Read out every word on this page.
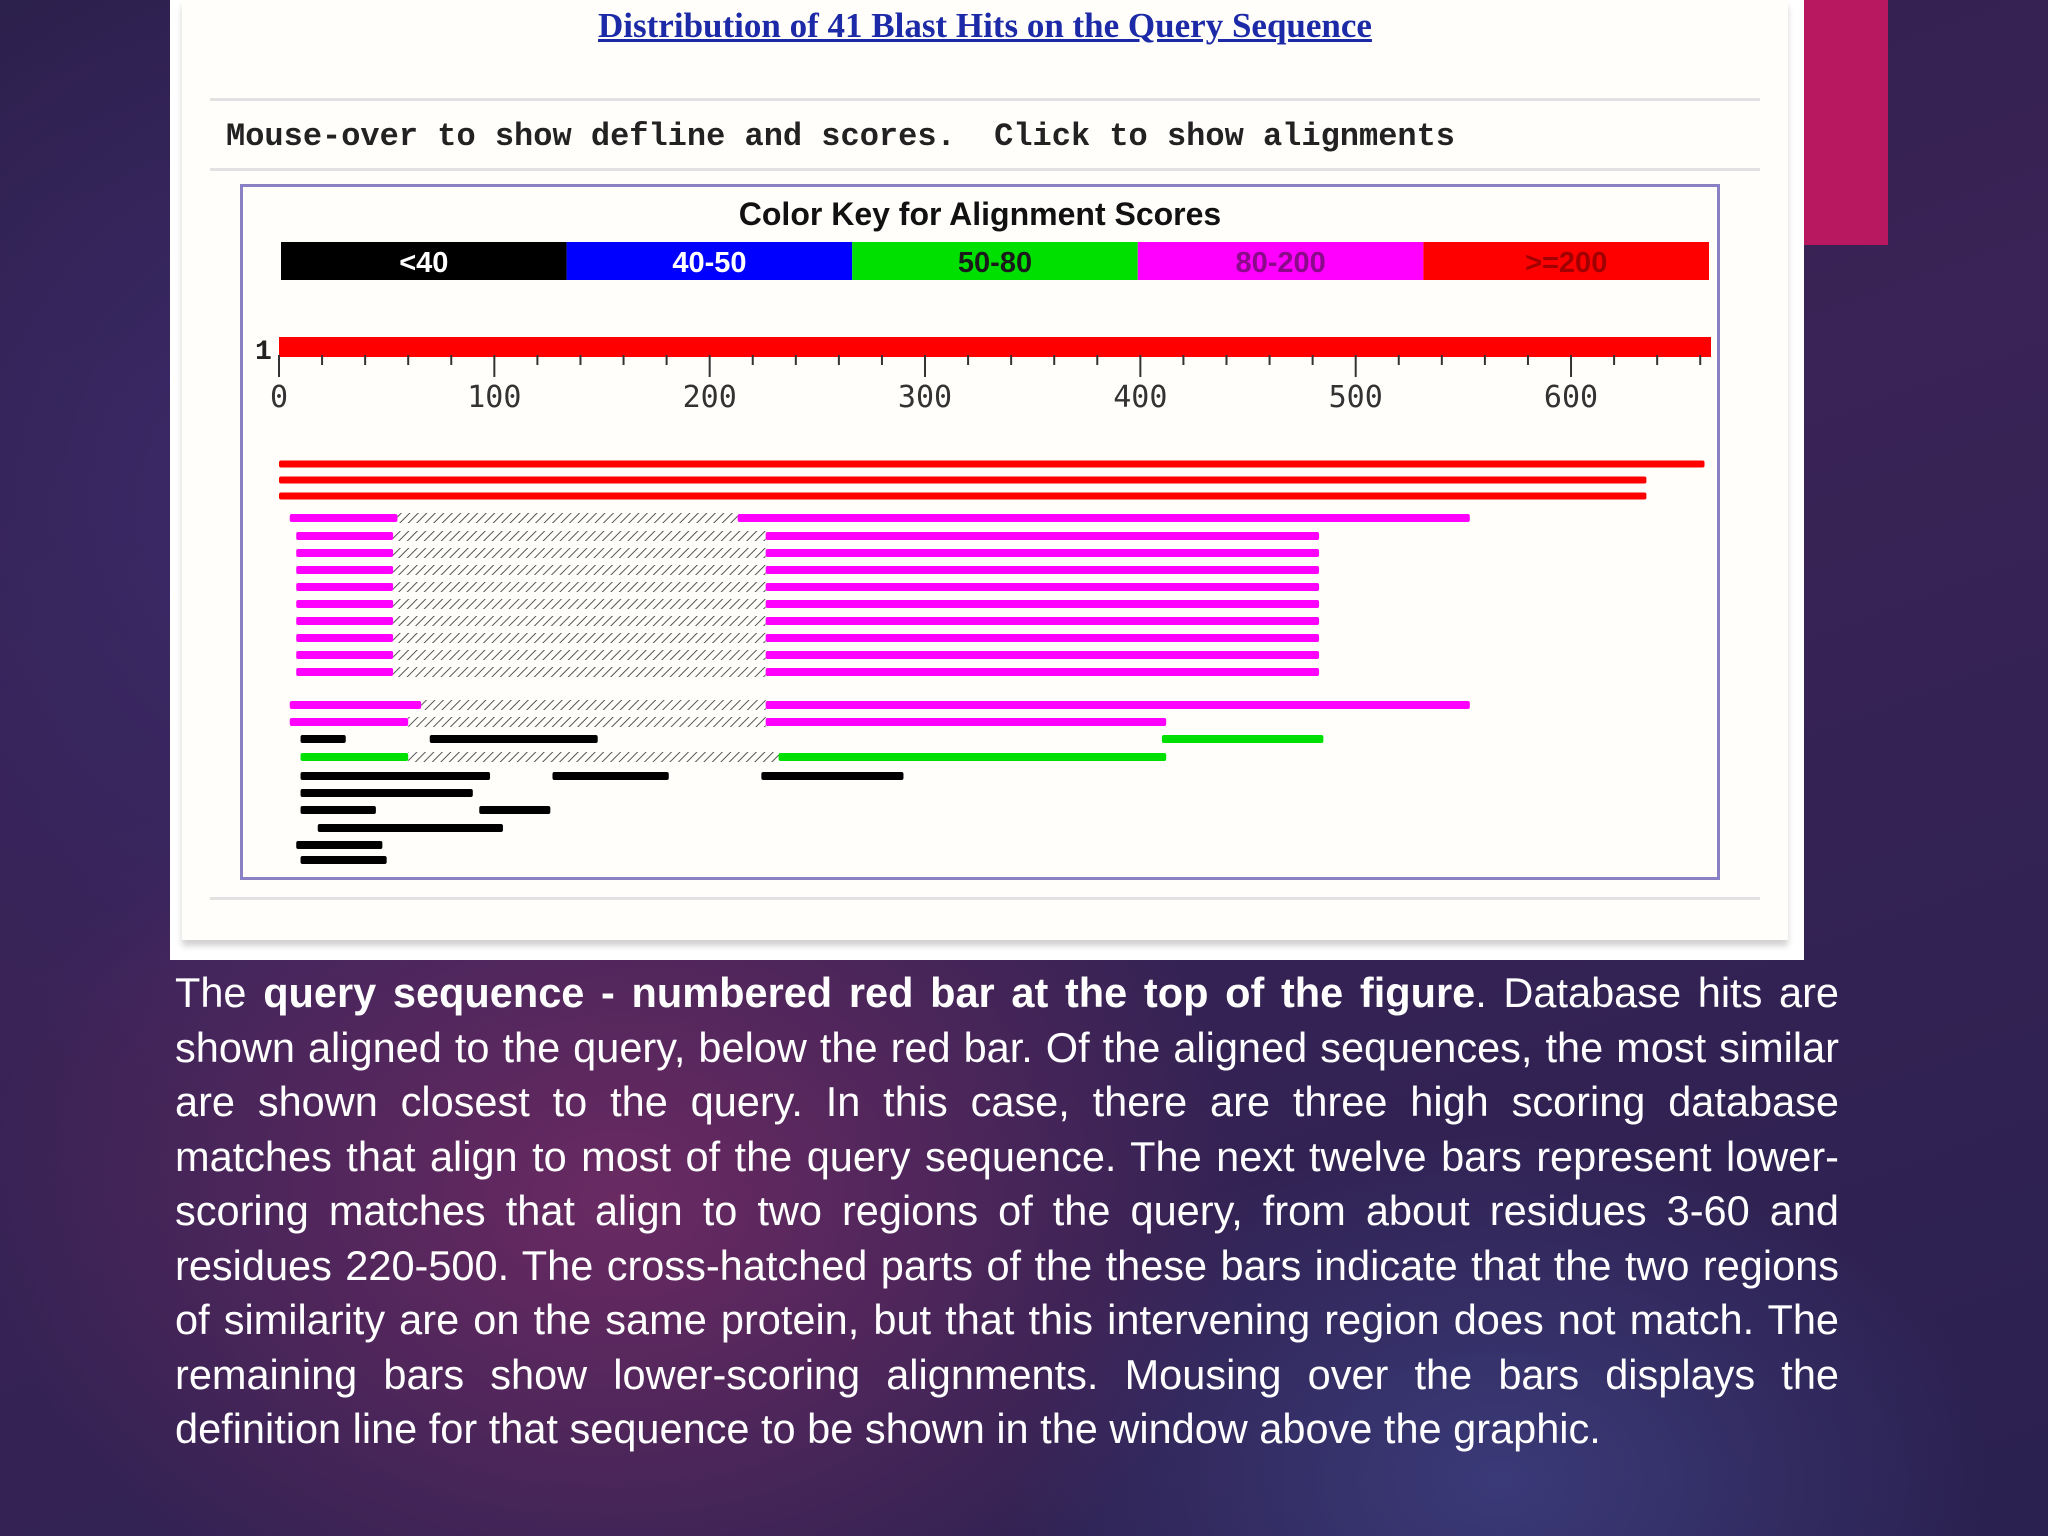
Distribution of 41 Blast Hits on the Query Sequence
Mouse-over to show defline and scores.  Click to show alignments
Color Key for Alignment Scores
<40	40-50	50-80	80-200	>=200
1
0	100	200	300	400	500	600
The query sequence - numbered red bar at the top of the figure. Database hits are shown aligned to the query, below the red bar. Of the aligned sequences, the most similar are shown closest to the query. In this case, there are three high scoring database matches that align to most of the query sequence. The next twelve bars represent lower-scoring matches that align to two regions of the query, from about residues 3-60 and residues 220-500. The cross-hatched parts of the these bars indicate that the two regions of similarity are on the same protein, but that this intervening region does not match. The remaining bars show lower-scoring alignments. Mousing over the bars displays the definition line for that sequence to be shown in the window above the graphic.
